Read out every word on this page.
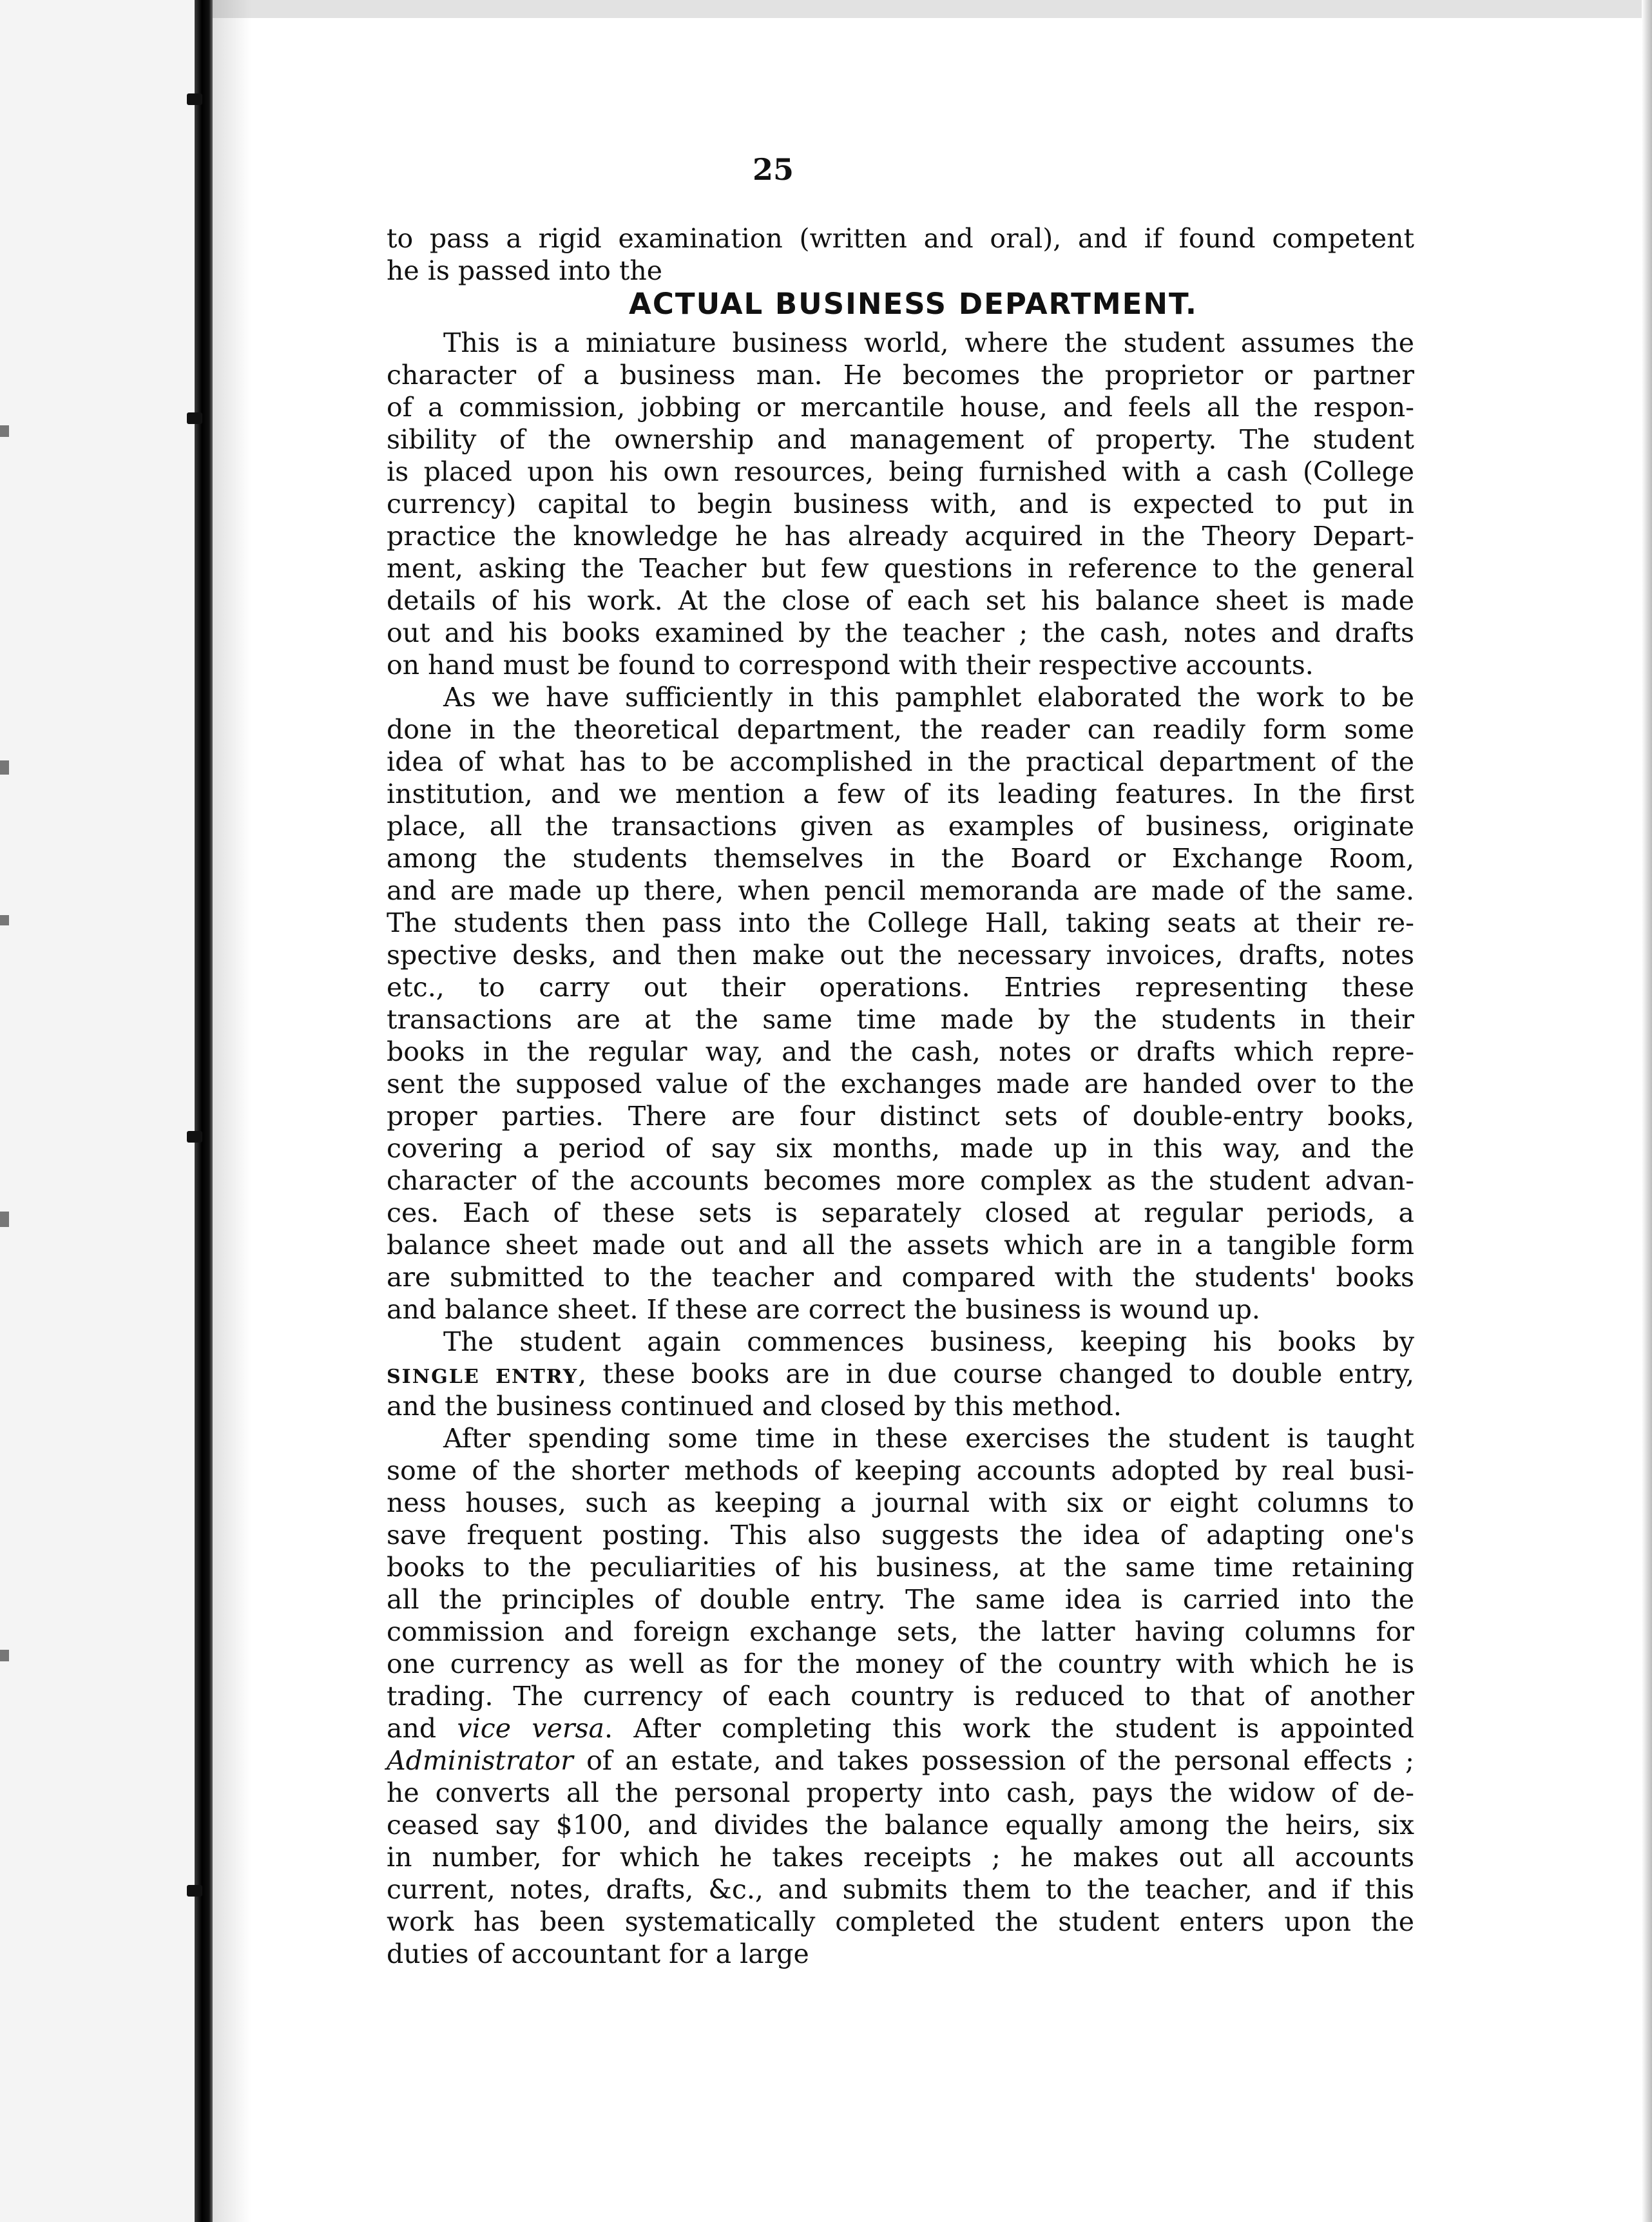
25
to pass a rigid examination (written and oral), and if found competent
he is passed into the
ACTUAL BUSINESS DEPARTMENT.
This is a miniature business world, where the student assumes the
character of a business man. He becomes the proprietor or partner
of a commission, jobbing or mercantile house, and feels all the respon-
sibility of the ownership and management of property. The student
is placed upon his own resources, being furnished with a cash (College
currency) capital to begin business with, and is expected to put in
practice the knowledge he has already acquired in the Theory Depart-
ment, asking the Teacher but few questions in reference to the general
details of his work. At the close of each set his balance sheet is made
out and his books examined by the teacher ; the cash, notes and drafts
on hand must be found to correspond with their respective accounts.
As we have sufficiently in this pamphlet elaborated the work to be
done in the theoretical department, the reader can readily form some
idea of what has to be accomplished in the practical department of the
institution, and we mention a few of its leading features. In the first
place, all the transactions given as examples of business, originate
among the students themselves in the Board or Exchange Room,
and are made up there, when pencil memoranda are made of the same.
The students then pass into the College Hall, taking seats at their re-
spective desks, and then make out the necessary invoices, drafts, notes
etc., to carry out their operations. Entries representing these
transactions are at the same time made by the students in their
books in the regular way, and the cash, notes or drafts which repre-
sent the supposed value of the exchanges made are handed over to the
proper parties. There are four distinct sets of double-entry books,
covering a period of say six months, made up in this way, and the
character of the accounts becomes more complex as the student advan-
ces. Each of these sets is separately closed at regular periods, a
balance sheet made out and all the assets which are in a tangible form
are submitted to the teacher and compared with the students' books
and balance sheet. If these are correct the business is wound up.
The student again commences business, keeping his books by
SINGLE ENTRY, these books are in due course changed to double entry,
and the business continued and closed by this method.
After spending some time in these exercises the student is taught
some of the shorter methods of keeping accounts adopted by real busi-
ness houses, such as keeping a journal with six or eight columns to
save frequent posting. This also suggests the idea of adapting one's
books to the peculiarities of his business, at the same time retaining
all the principles of double entry. The same idea is carried into the
commission and foreign exchange sets, the latter having columns for
one currency as well as for the money of the country with which he is
trading. The currency of each country is reduced to that of another
and vice versa. After completing this work the student is appointed
Administrator of an estate, and takes possession of the personal effects ;
he converts all the personal property into cash, pays the widow of de-
ceased say $100, and divides the balance equally among the heirs, six
in number, for which he takes receipts ; he makes out all accounts
current, notes, drafts, &c., and submits them to the teacher, and if this
work has been systematically completed the student enters upon the
duties of accountant for a large
